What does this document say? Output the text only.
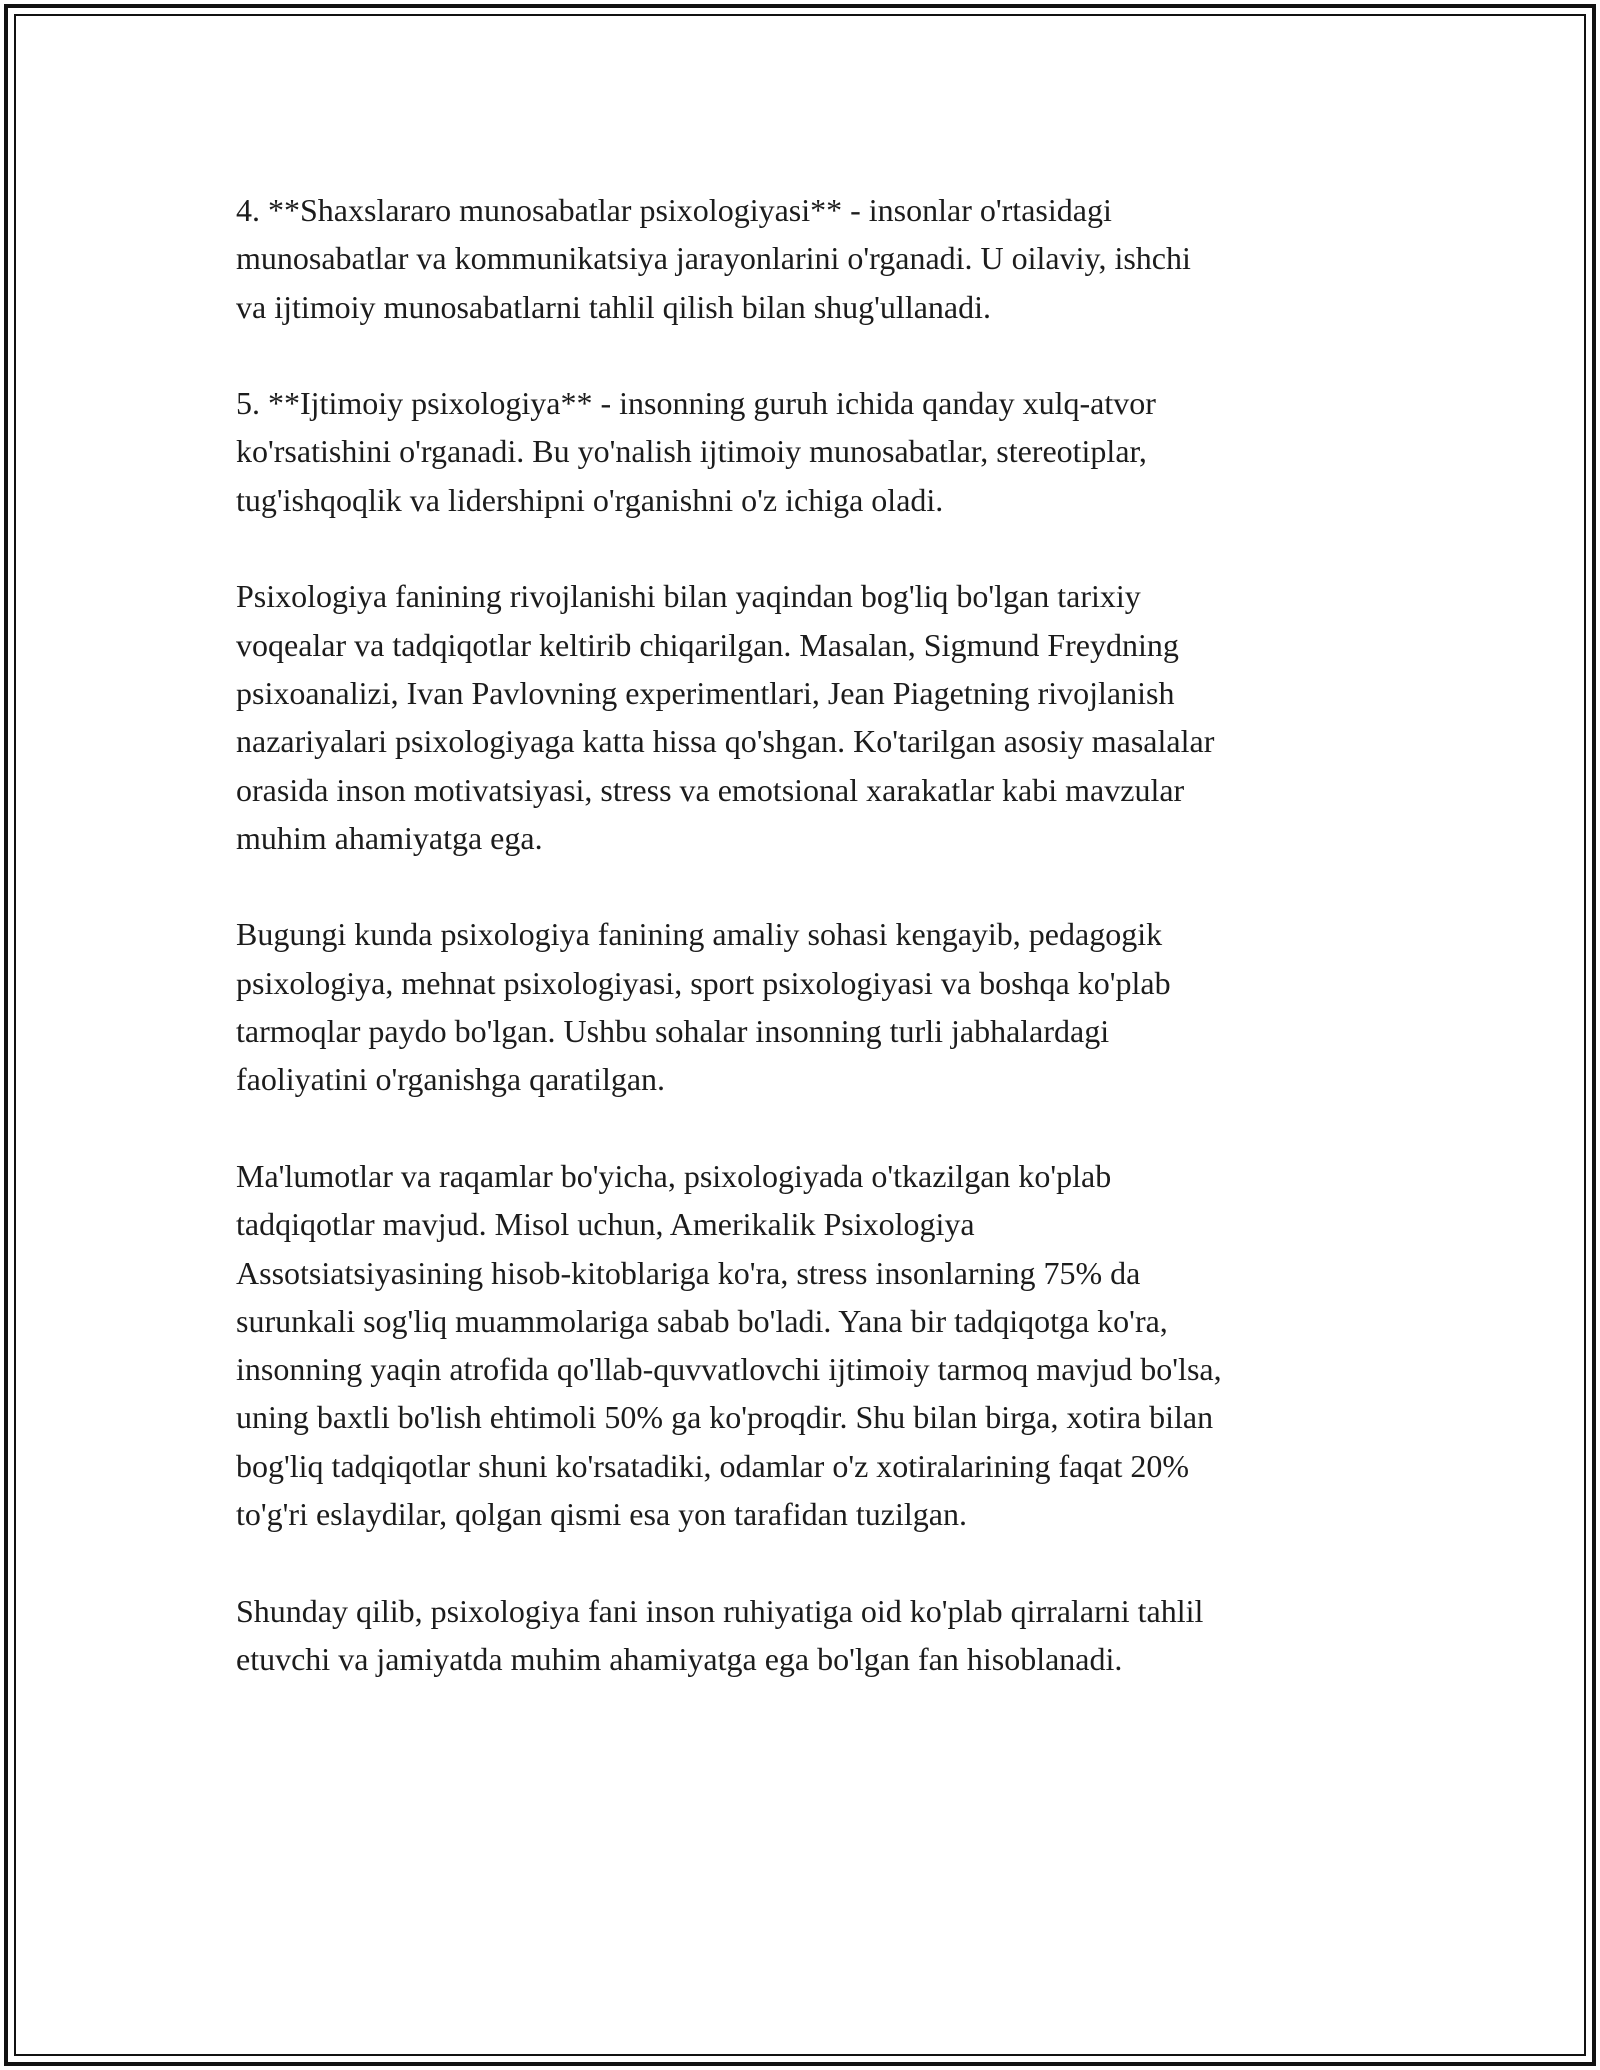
4. **Shaxslararo munosabatlar psixologiyasi** - insonlar o'rtasidagi
munosabatlar va kommunikatsiya jarayonlarini o'rganadi. U oilaviy, ishchi
va ijtimoiy munosabatlarni tahlil qilish bilan shug'ullanadi.

5. **Ijtimoiy psixologiya** - insonning guruh ichida qanday xulq-atvor
ko'rsatishini o'rganadi. Bu yo'nalish ijtimoiy munosabatlar, stereotiplar,
tug'ishqoqlik va lidershipni o'rganishni o'z ichiga oladi.

Psixologiya fanining rivojlanishi bilan yaqindan bog'liq bo'lgan tarixiy
voqealar va tadqiqotlar keltirib chiqarilgan. Masalan, Sigmund Freydning
psixoanalizi, Ivan Pavlovning experimentlari, Jean Piagetning rivojlanish
nazariyalari psixologiyaga katta hissa qo'shgan. Ko'tarilgan asosiy masalalar
orasida inson motivatsiyasi, stress va emotsional xarakatlar kabi mavzular
muhim ahamiyatga ega.

Bugungi kunda psixologiya fanining amaliy sohasi kengayib, pedagogik
psixologiya, mehnat psixologiyasi, sport psixologiyasi va boshqa ko'plab
tarmoqlar paydo bo'lgan. Ushbu sohalar insonning turli jabhalardagi
faoliyatini o'rganishga qaratilgan.

Ma'lumotlar va raqamlar bo'yicha, psixologiyada o'tkazilgan ko'plab
tadqiqotlar mavjud. Misol uchun, Amerikalik Psixologiya
Assotsiatsiyasining hisob-kitoblariga ko'ra, stress insonlarning 75% da
surunkali sog'liq muammolariga sabab bo'ladi. Yana bir tadqiqotga ko'ra,
insonning yaqin atrofida qo'llab-quvvatlovchi ijtimoiy tarmoq mavjud bo'lsa,
uning baxtli bo'lish ehtimoli 50% ga ko'proqdir. Shu bilan birga, xotira bilan
bog'liq tadqiqotlar shuni ko'rsatadiki, odamlar o'z xotiralarining faqat 20%
to'g'ri eslaydilar, qolgan qismi esa yon tarafidan tuzilgan.

Shunday qilib, psixologiya fani inson ruhiyatiga oid ko'plab qirralarni tahlil
etuvchi va jamiyatda muhim ahamiyatga ega bo'lgan fan hisoblanadi.
